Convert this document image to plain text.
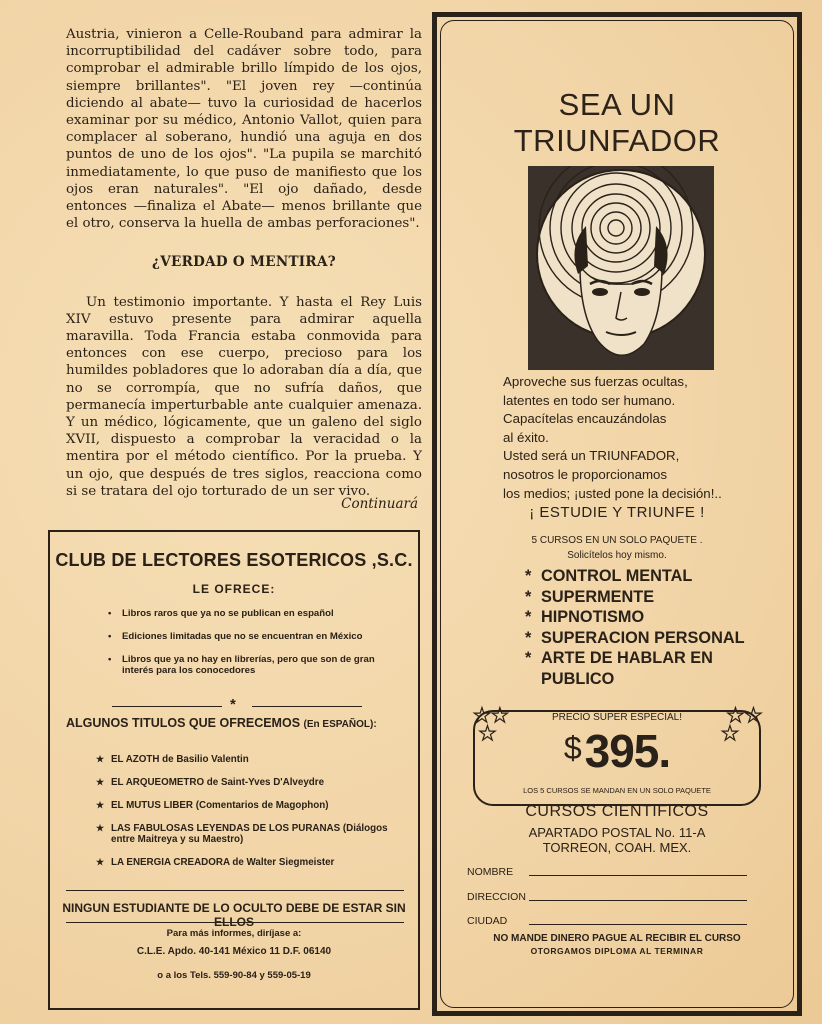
Austria, vinieron a Celle-Rouband para admirar la incorruptibilidad del cadáver sobre todo, para comprobar el admirable brillo límpido de los ojos, siempre brillantes". "El joven rey —continúa diciendo al abate— tuvo la curiosidad de hacerlos examinar por su médico, Antonio Vallot, quien para complacer al soberano, hundió una aguja en dos puntos de uno de los ojos". "La pupila se marchitó inmediatamente, lo que puso de manifiesto que los ojos eran naturales". "El ojo dañado, desde entonces —finaliza el Abate— menos brillante que el otro, conserva la huella de ambas perforaciones".

¿VERDAD O MENTIRA?

Un testimonio importante. Y hasta el Rey Luis XIV estuvo presente para admirar aquella maravilla. Toda Francia estaba conmovida para entonces con ese cuerpo, precioso para los humildes pobladores que lo adoraban día a día, que no se corrompía, que no sufría daños, que permanecía imperturbable ante cualquier amenaza. Y un médico, lógicamente, que un galeno del siglo XVII, dispuesto a comprobar la veracidad o la mentira por el método científico. Por la prueba. Y un ojo, que después de tres siglos, reacciona como si se tratara del ojo torturado de un ser vivo.

Continuará
CLUB DE LECTORES ESOTERICOS ,S.C.
LE OFRECE:
• Libros raros que ya no se publican en español
• Ediciones limitadas que no se encuentran en México
• Libros que ya no hay en librerías, pero que son de gran interés para los conocedores
*
ALGUNOS TITULOS QUE OFRECEMOS (En ESPAÑOL):
★ EL AZOTH de Basilio Valentin
★ EL ARQUEOMETRO de Saint-Yves D'Alveydre
★ EL MUTUS LIBER (Comentarios de Magophon)
★ LAS FABULOSAS LEYENDAS DE LOS PURANAS (Diálogos entre Maitreya y su Maestro)
★ LA ENERGIA CREADORA de Walter Siegmeister
NINGUN ESTUDIANTE DE LO OCULTO DEBE DE ESTAR SIN ELLOS
Para más informes, diríjase a:
C.L.E. Apdo. 40-141 México 11 D.F. 06140
o a los Tels. 559-90-84 y 559-05-19
SEA UN
TRIUNFADOR

Aproveche sus fuerzas ocultas,

latentes en todo ser humano.

Capacítelas encauzándolas

al éxito.

Usted será un TRIUNFADOR,

nosotros le proporcionamos

los medios; ¡usted pone la decisión!..

¡ ESTUDIE Y TRIUNFE !
5 CURSOS EN UN SOLO PAQUETE .
Solicítelos hoy mismo.
* CONTROL MENTAL
* SUPERMENTE
* HIPNOTISMO
* SUPERACION PERSONAL
* ARTE DE HABLAR EN PUBLICO
PRECIO SUPER ESPECIAL!
$395.
LOS 5 CURSOS SE MANDAN EN UN SOLO PAQUETE
★★
★
★★
★
CURSOS CIENTIFICOS
APARTADO POSTAL No. 11-A
TORREON, COAH. MEX.
NOMBRE
DIRECCION
CIUDAD
NO MANDE DINERO PAGUE AL RECIBIR EL CURSO
OTORGAMOS DIPLOMA AL TERMINAR
